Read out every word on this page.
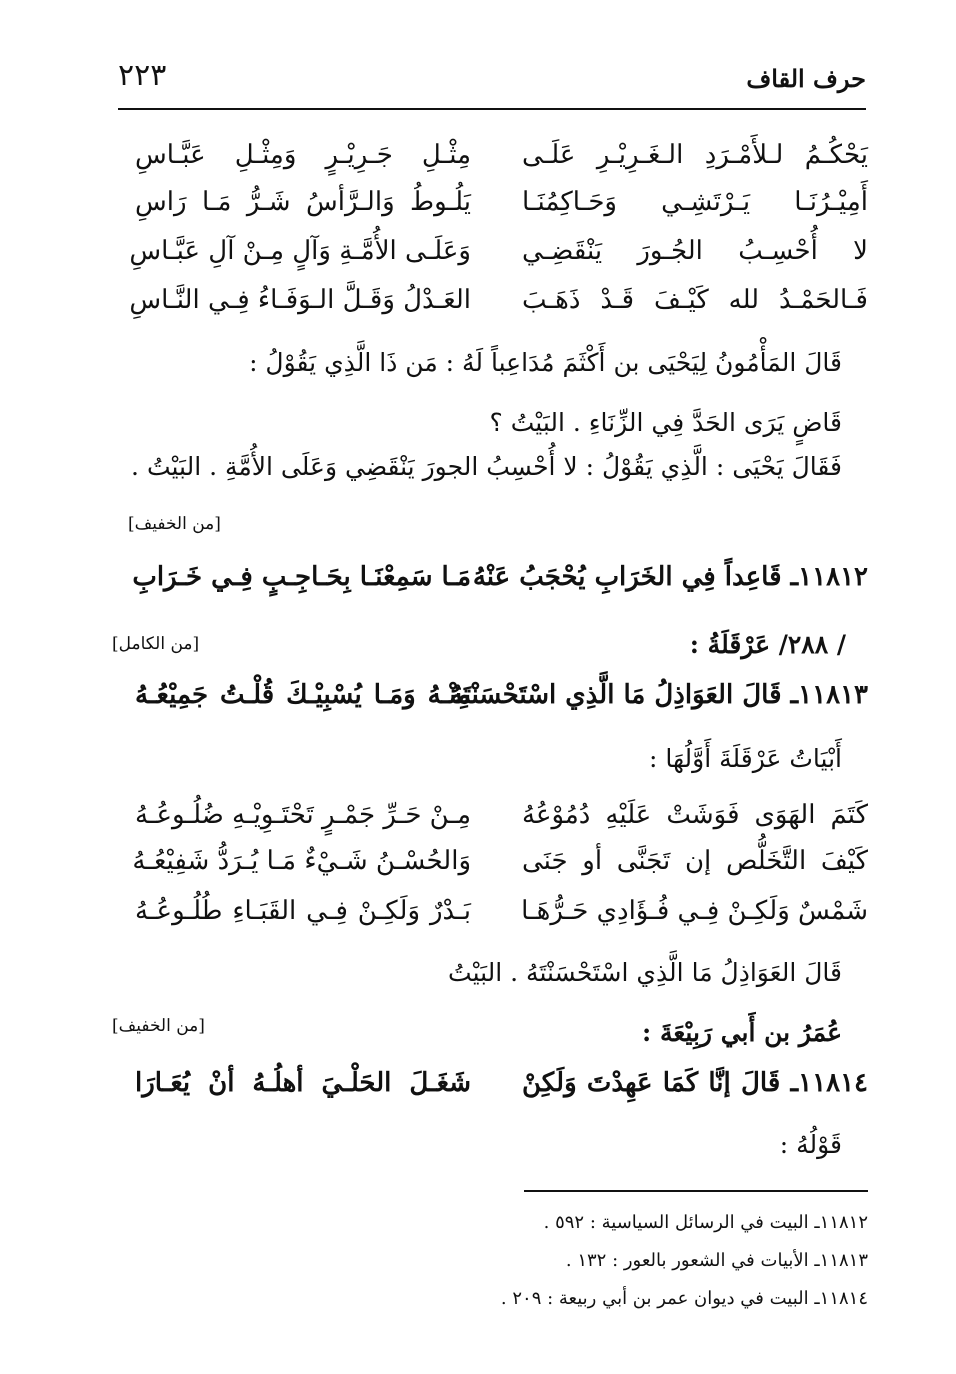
حرف القاف
٢٢٣
يَحْكُـمُ لـلأَمْـرَدِ الـغَـرِيْـرِ عَلَـى
مِثْـلِ جَـرِيْـرٍ وَمِثْـلِ عَبَّـاسِ
أَمِيْـرُنَـا يَـرْتَشِـي وَحَـاكِمُنَـا
يَلُـوطُ وَالـرَّأسُ شَـرُّ مَـا رَاسِ
لا أُحْسِـبُ الجُـورَ يَنْقَضِـي
وَعَلَـى الأُمَّـةِ وَآلٍ مِـنْ آلِ عَبَّـاسِ
فَـالحَمْـدُ لله كَيْـفَ قَـدْ ذَهَـبَ
العَـدْلُ وَقَـلَّ الـوَفَـاءُ فِـي النَّـاسِ
قَالَ المَأْمُونُ لِيَحْيَى بن أَكْثَمَ مُدَاعِباً لَهُ : مَن ذَا الَّذِي يَقُوْلُ :
قَاضٍ يَرَى الحَدَّ فِي الزِّنَاءِ . البَيْتُ ؟
فَقَالَ يَحْيَى : الَّذِي يَقُوْلُ : لا أُحْسِبُ الجورَ يَنْقَضِي وَعَلَى الأُمَّةِ . البَيْتُ .
[من الخفيف]
١١٨١٢ـ قَاعِداً فِي الخَرَابِ يُحْجَبُ عَنْهُ
مَـا سَمِعْنَـا بِحَـاجِـبٍ فِـي خَـرَابِ
/ ٢٨٨/ عَرْقَلَةُ :
[من الكامل]
١١٨١٣ـ قَالَ العَوَاذِلُ مَا الَّذِي اسْتَحْسَنْتَهُ
مِنْـهُ وَمَـا يُسْبِيْـكَ قُلْـتُ جَمِيْعُـهُ
أَبْيَاتُ عَرْقَلَةَ أَوَّلُهَا :
كَتَمَ الهَوَى فَوَشَتْ عَلَيْهِ دُمُوْعُهُ
مِـنْ حَـرِّ جَمْـرٍ تَحْتَـوِيْـهِ ضُلُـوعُـهُ
كَيْفَ التَّخَلُّص إن تَجَنَّى أو جَنَى
وَالحُسْـنُ شَـيْءٌ مَـا يُـرَدُّ شَفِيْعُـهُ
شَمْسٌ وَلَكِـنْ فِـي فُـؤَادِي حَـرُّهَـا
بَـدْرٌ وَلَكِـنْ فِـي القَبَـاءِ طُلُـوعُـهُ
قَالَ العَوَاذِلُ مَا الَّذِي اسْتَحْسَنْتَهُ . البَيْتُ
عُمَرُ بن أَبي رَبِيْعَةَ :
[من الخفيف]
١١٨١٤ـ قَالَ إنَّا كَمَا عَهِدْتَ وَلَكِنْ
شَغَـلَ الحَلْـيَ أهلُـهُ أنْ يُعَـارَا
قَوْلُهُ :
١١٨١٢ـ البيت في الرسائل السياسية : ٥٩٢ .
١١٨١٣ـ الأبيات في الشعور بالعور : ١٣٢ .
١١٨١٤ـ البيت في ديوان عمر بن أبي ربيعة : ٢٠٩ .
